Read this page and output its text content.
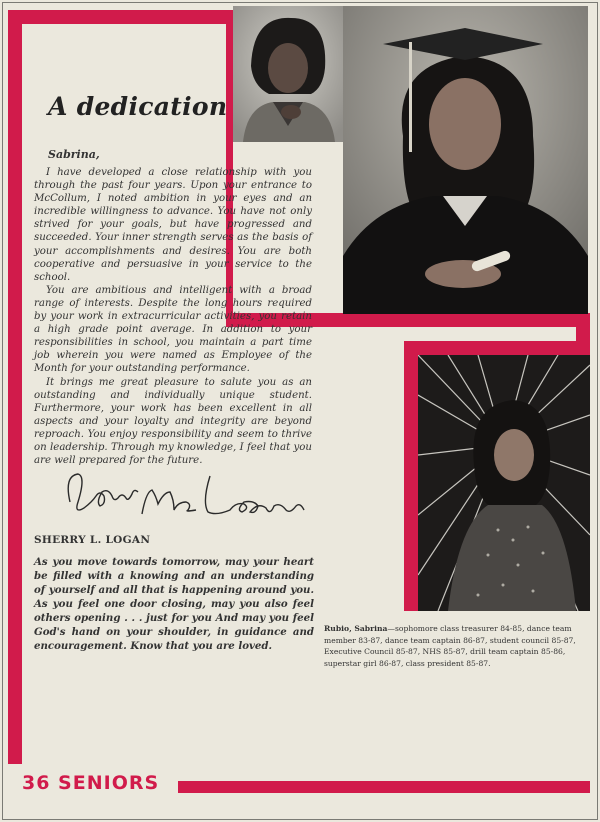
A dedication
Sabrina,

I have developed a close relationship with you through the past four years. Upon your entrance to McCollum, I noted ambition in your eyes and an incredible willingness to advance. You have not only strived for your goals, but have progressed and succeeded. Your inner strength serves as the basis of your accomplishments and desires. You are both cooperative and persuasive in your service to the school.

You are ambitious and intelligent with a broad range of interests. Despite the long hours required by your work in extracurricular activities, you retain a high grade point average. In addition to your responsibilities in school, you maintain a part time job wherein you were named as Employee of the Month for your outstanding performance.

It brings me great pleasure to salute you as an outstanding and individually unique student. Furthermore, your work has been excellent in all aspects and your loyalty and integrity are beyond reproach. You enjoy responsibility and seem to thrive on leadership. Through my knowledge, I feel that you are well prepared for the future.

SHERRY L. LOGAN
As you move towards tomorrow, may your heart be filled with a knowing and an understanding of yourself and all that is happening around you. As you feel one door closing, may you also feel others opening . . . just for you And may you feel God's hand on your shoulder, in guidance and encouragement. Know that you are loved.
Rubio, Sabrina—sophomore class treasurer 84-85, dance team member 83-87, dance team captain 86-87, student council 85-87, Executive Council 85-87, NHS 85-87, drill team captain 85-86, superstar girl 86-87, class president 85-87.
36 SENIORS
